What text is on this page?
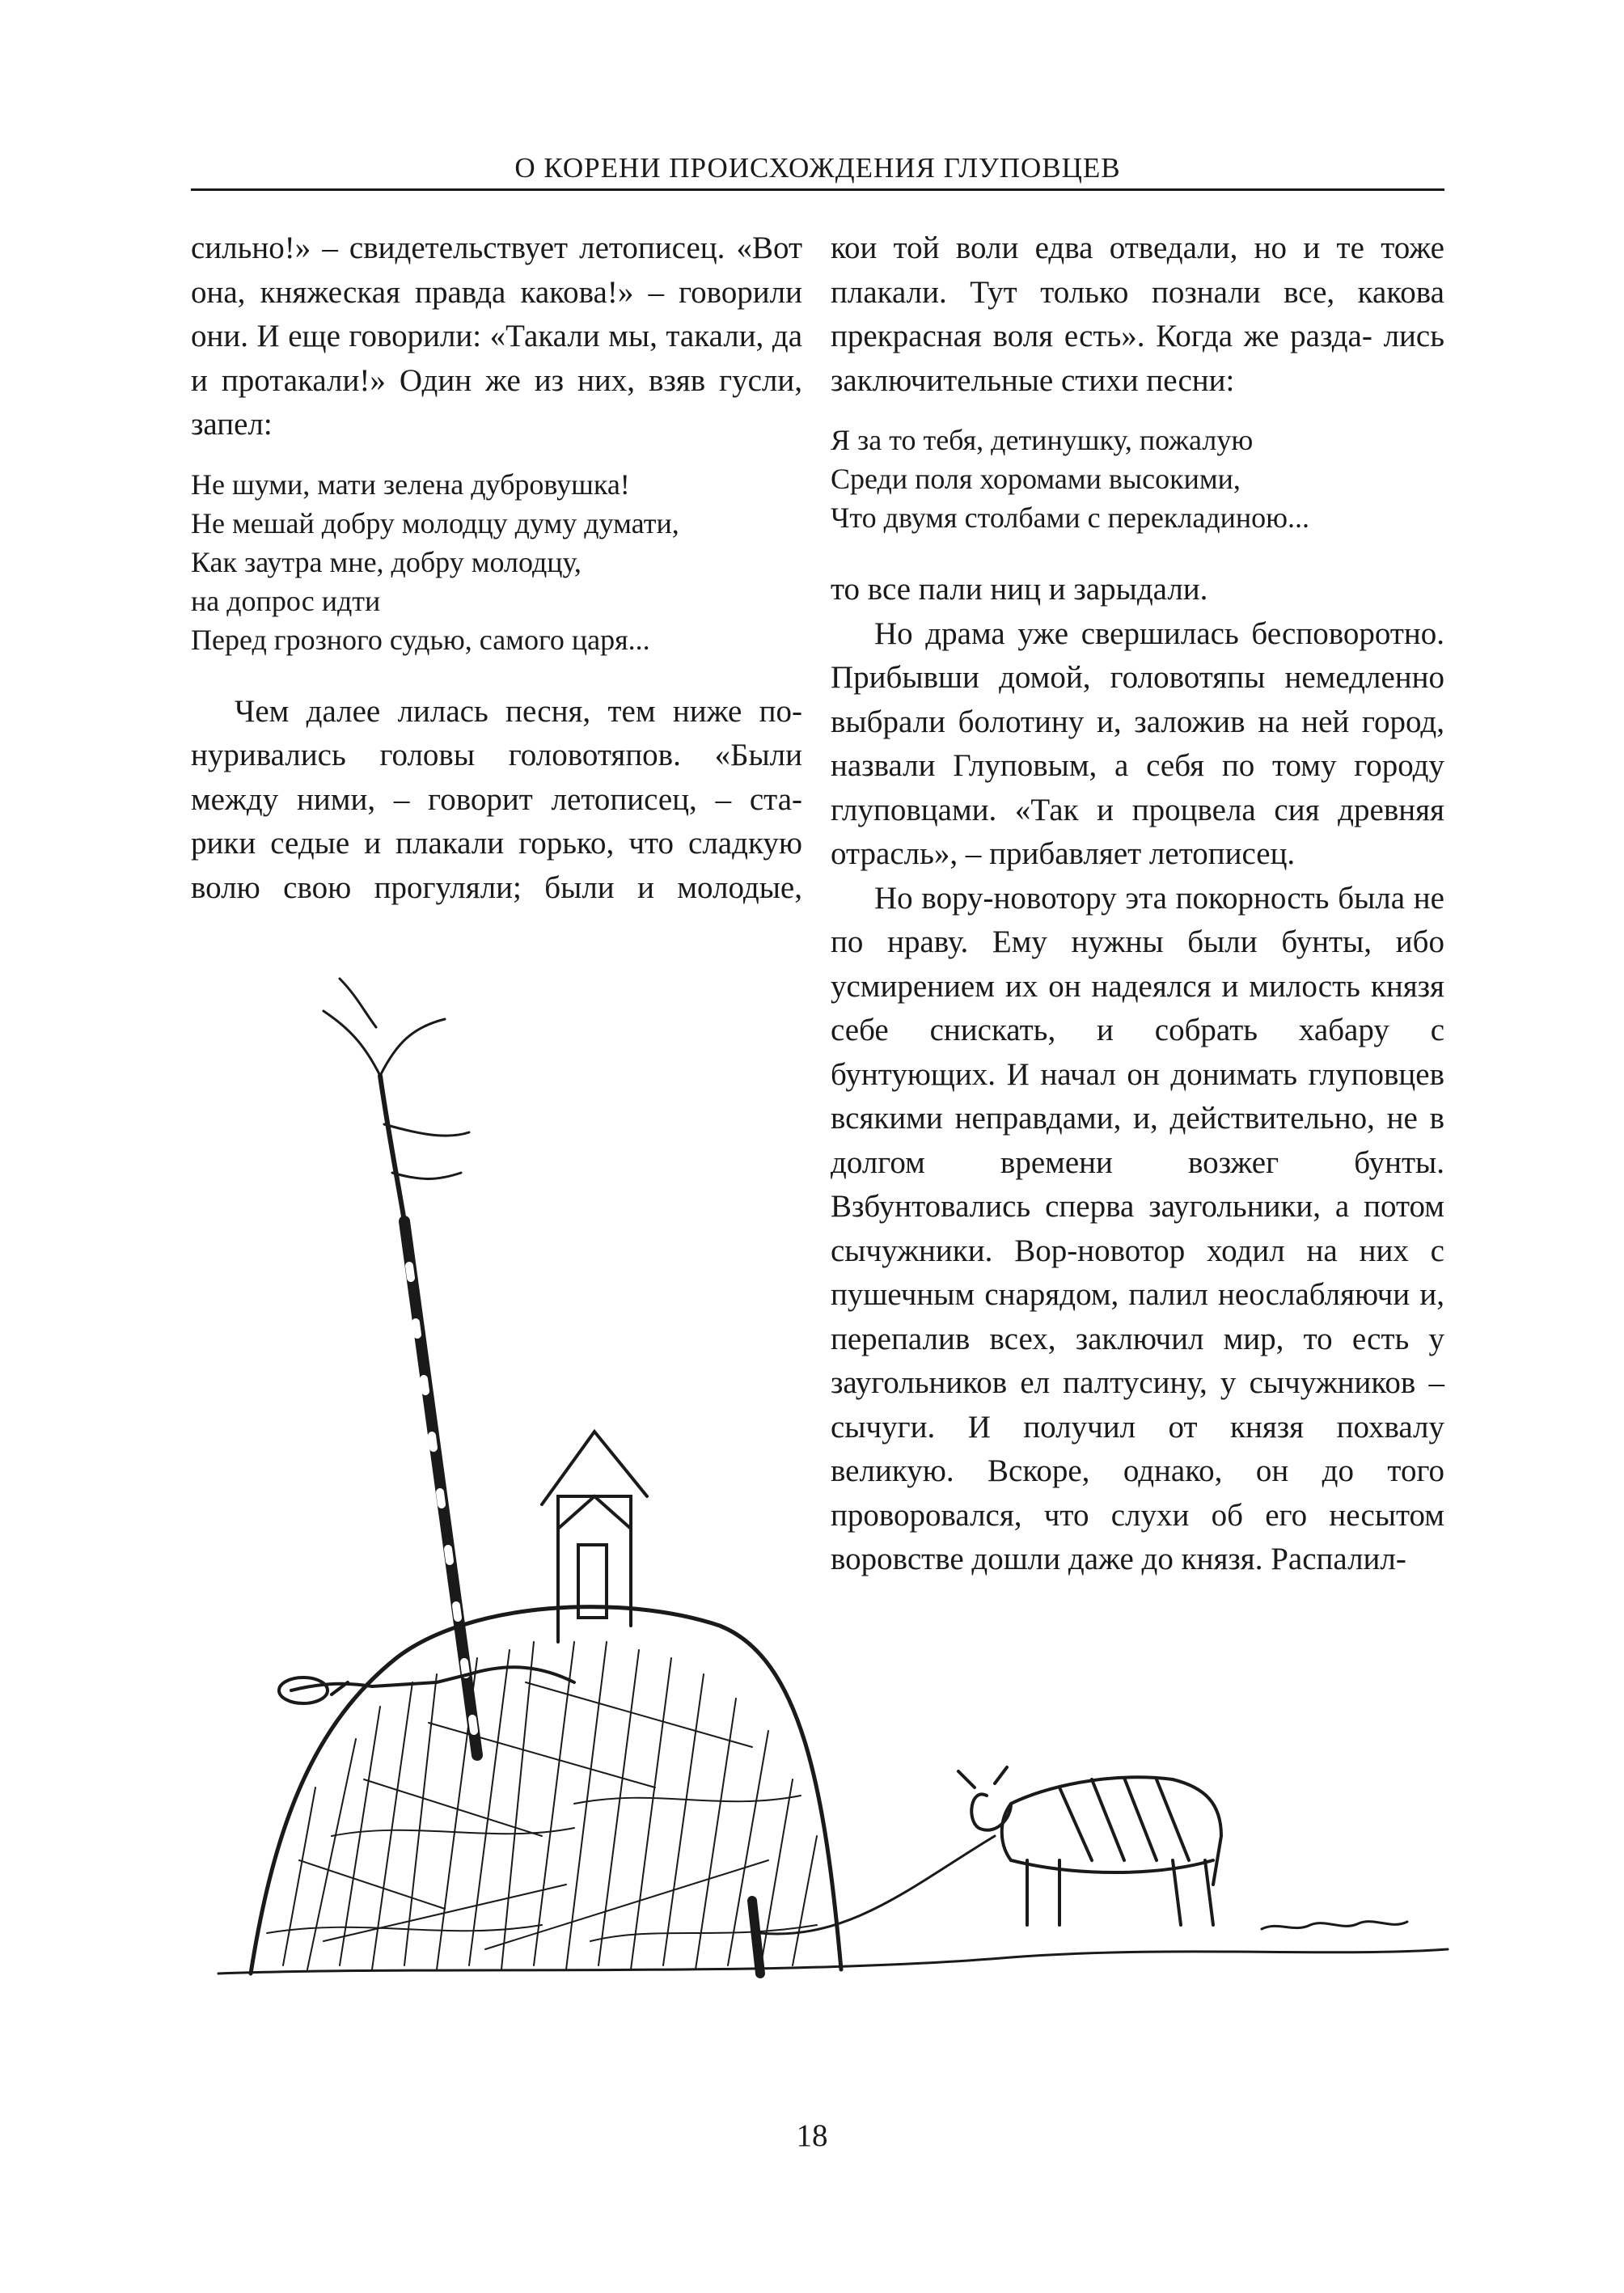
О КОРЕНИ ПРОИСХОЖДЕНИЯ ГЛУПОВЦЕВ

сильно!» – свидетельствует летописец. «Вот она, княжеская правда какова!» – говорили они. И еще говорили: «Такали мы, такали, да и протакали!» Один же из них, взяв гусли, запел:

Не шуми, мати зелена дубровушка!
Не мешай добру молодцу думу думати,
Как заутра мне, добру молодцу,
на допрос идти
Перед грозного судью, самого царя...

Чем далее лилась песня, тем ниже по- нуривались головы головотяпов. «Были между ними, – говорит летописец, – ста- рики седые и плакали горько, что сладкую волю свою прогуляли; были и молодые,

кои той воли едва отведали, но и те тоже плакали. Тут только познали все, какова прекрасная воля есть». Когда же разда- лись заключительные стихи песни:

Я за то тебя, детинушку, пожалую
Среди поля хоромами высокими,
Что двумя столбами с перекладиною...

то все пали ниц и зарыдали.

Но драма уже свершилась бесповоротно. Прибывши домой, головотяпы немедленно выбрали болотину и, заложив на ней город, назвали Глуповым, а себя по тому городу глуповцами. «Так и процвела сия древняя отрасль», – прибавляет летописец.

Но вору-новотору эта покорность была не по нраву. Ему нужны были бунты, ибо усмирением их он надеялся и милость князя себе снискать, и собрать хабару с бунтующих. И начал он донимать глуповцев всякими неправдами, и, действительно, не в долгом времени возжег бунты. Взбунтовались сперва заугольники, а потом сычужники. Вор-новотор ходил на них с пушечным снарядом, палил неослабляючи и, перепалив всех, заключил мир, то есть у заугольников ел палтусину, у сычужников – сычуги. И получил от князя похвалу великую. Вскоре, однако, он до того проворовался, что слухи об его несытом воровстве дошли даже до князя. Распалил-

18
